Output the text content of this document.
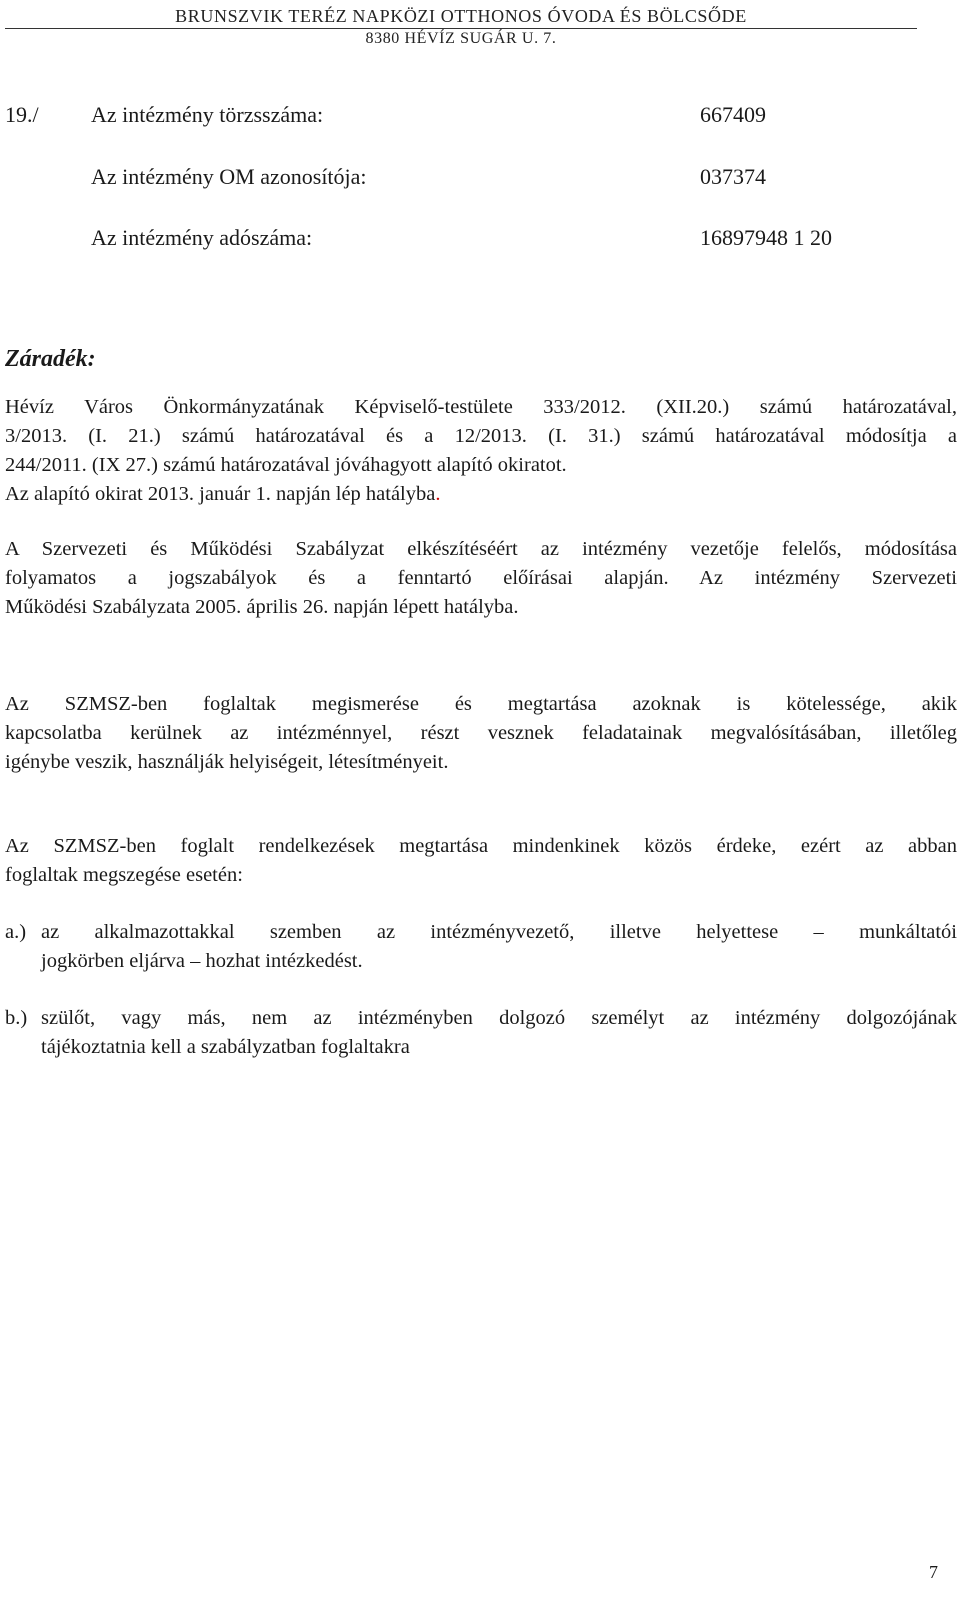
BRUNSZVIK TERÉZ NAPKÖZI OTTHONOS ÓVODA ÉS BÖLCSŐDE
8380 HÉVÍZ SUGÁR U. 7.
19./ Az intézmény törzsszáma:	667409
Az intézmény OM azonosítója:	037374
Az intézmény adószáma:	16897948 1 20
Záradék:
Hévíz Város Önkormányzatának Képviselő-testülete 333/2012. (XII.20.) számú határozatával,
3/2013. (I. 21.) számú határozatával és a 12/2013. (I. 31.) számú határozatával módosítja a
244/2011. (IX 27.) számú határozatával jóváhagyott alapító okiratot.
Az alapító okirat 2013. január 1. napján lép hatályba.
A Szervezeti és Működési Szabályzat elkészítéséért az intézmény vezetője felelős, módosítása
folyamatos a jogszabályok és a fenntartó előírásai alapján. Az intézmény Szervezeti
Működési Szabályzata 2005. április 26. napján lépett hatályba.
Az SZMSZ-ben foglaltak megismerése és megtartása azoknak is kötelessége, akik
kapcsolatba kerülnek az intézménnyel, részt vesznek feladatainak megvalósításában, illetőleg
igénybe veszik, használják helyiségeit, létesítményeit.
Az SZMSZ-ben foglalt rendelkezések megtartása mindenkinek közös érdeke, ezért az abban
foglaltak megszegése esetén:
a.) az alkalmazottakkal szemben az intézményvezető, illetve helyettese – munkáltatói
jogkörben eljárva – hozhat intézkedést.
b.) szülőt, vagy más, nem az intézményben dolgozó személyt az intézmény dolgozójának
tájékoztatnia kell a szabályzatban foglaltakra
7
